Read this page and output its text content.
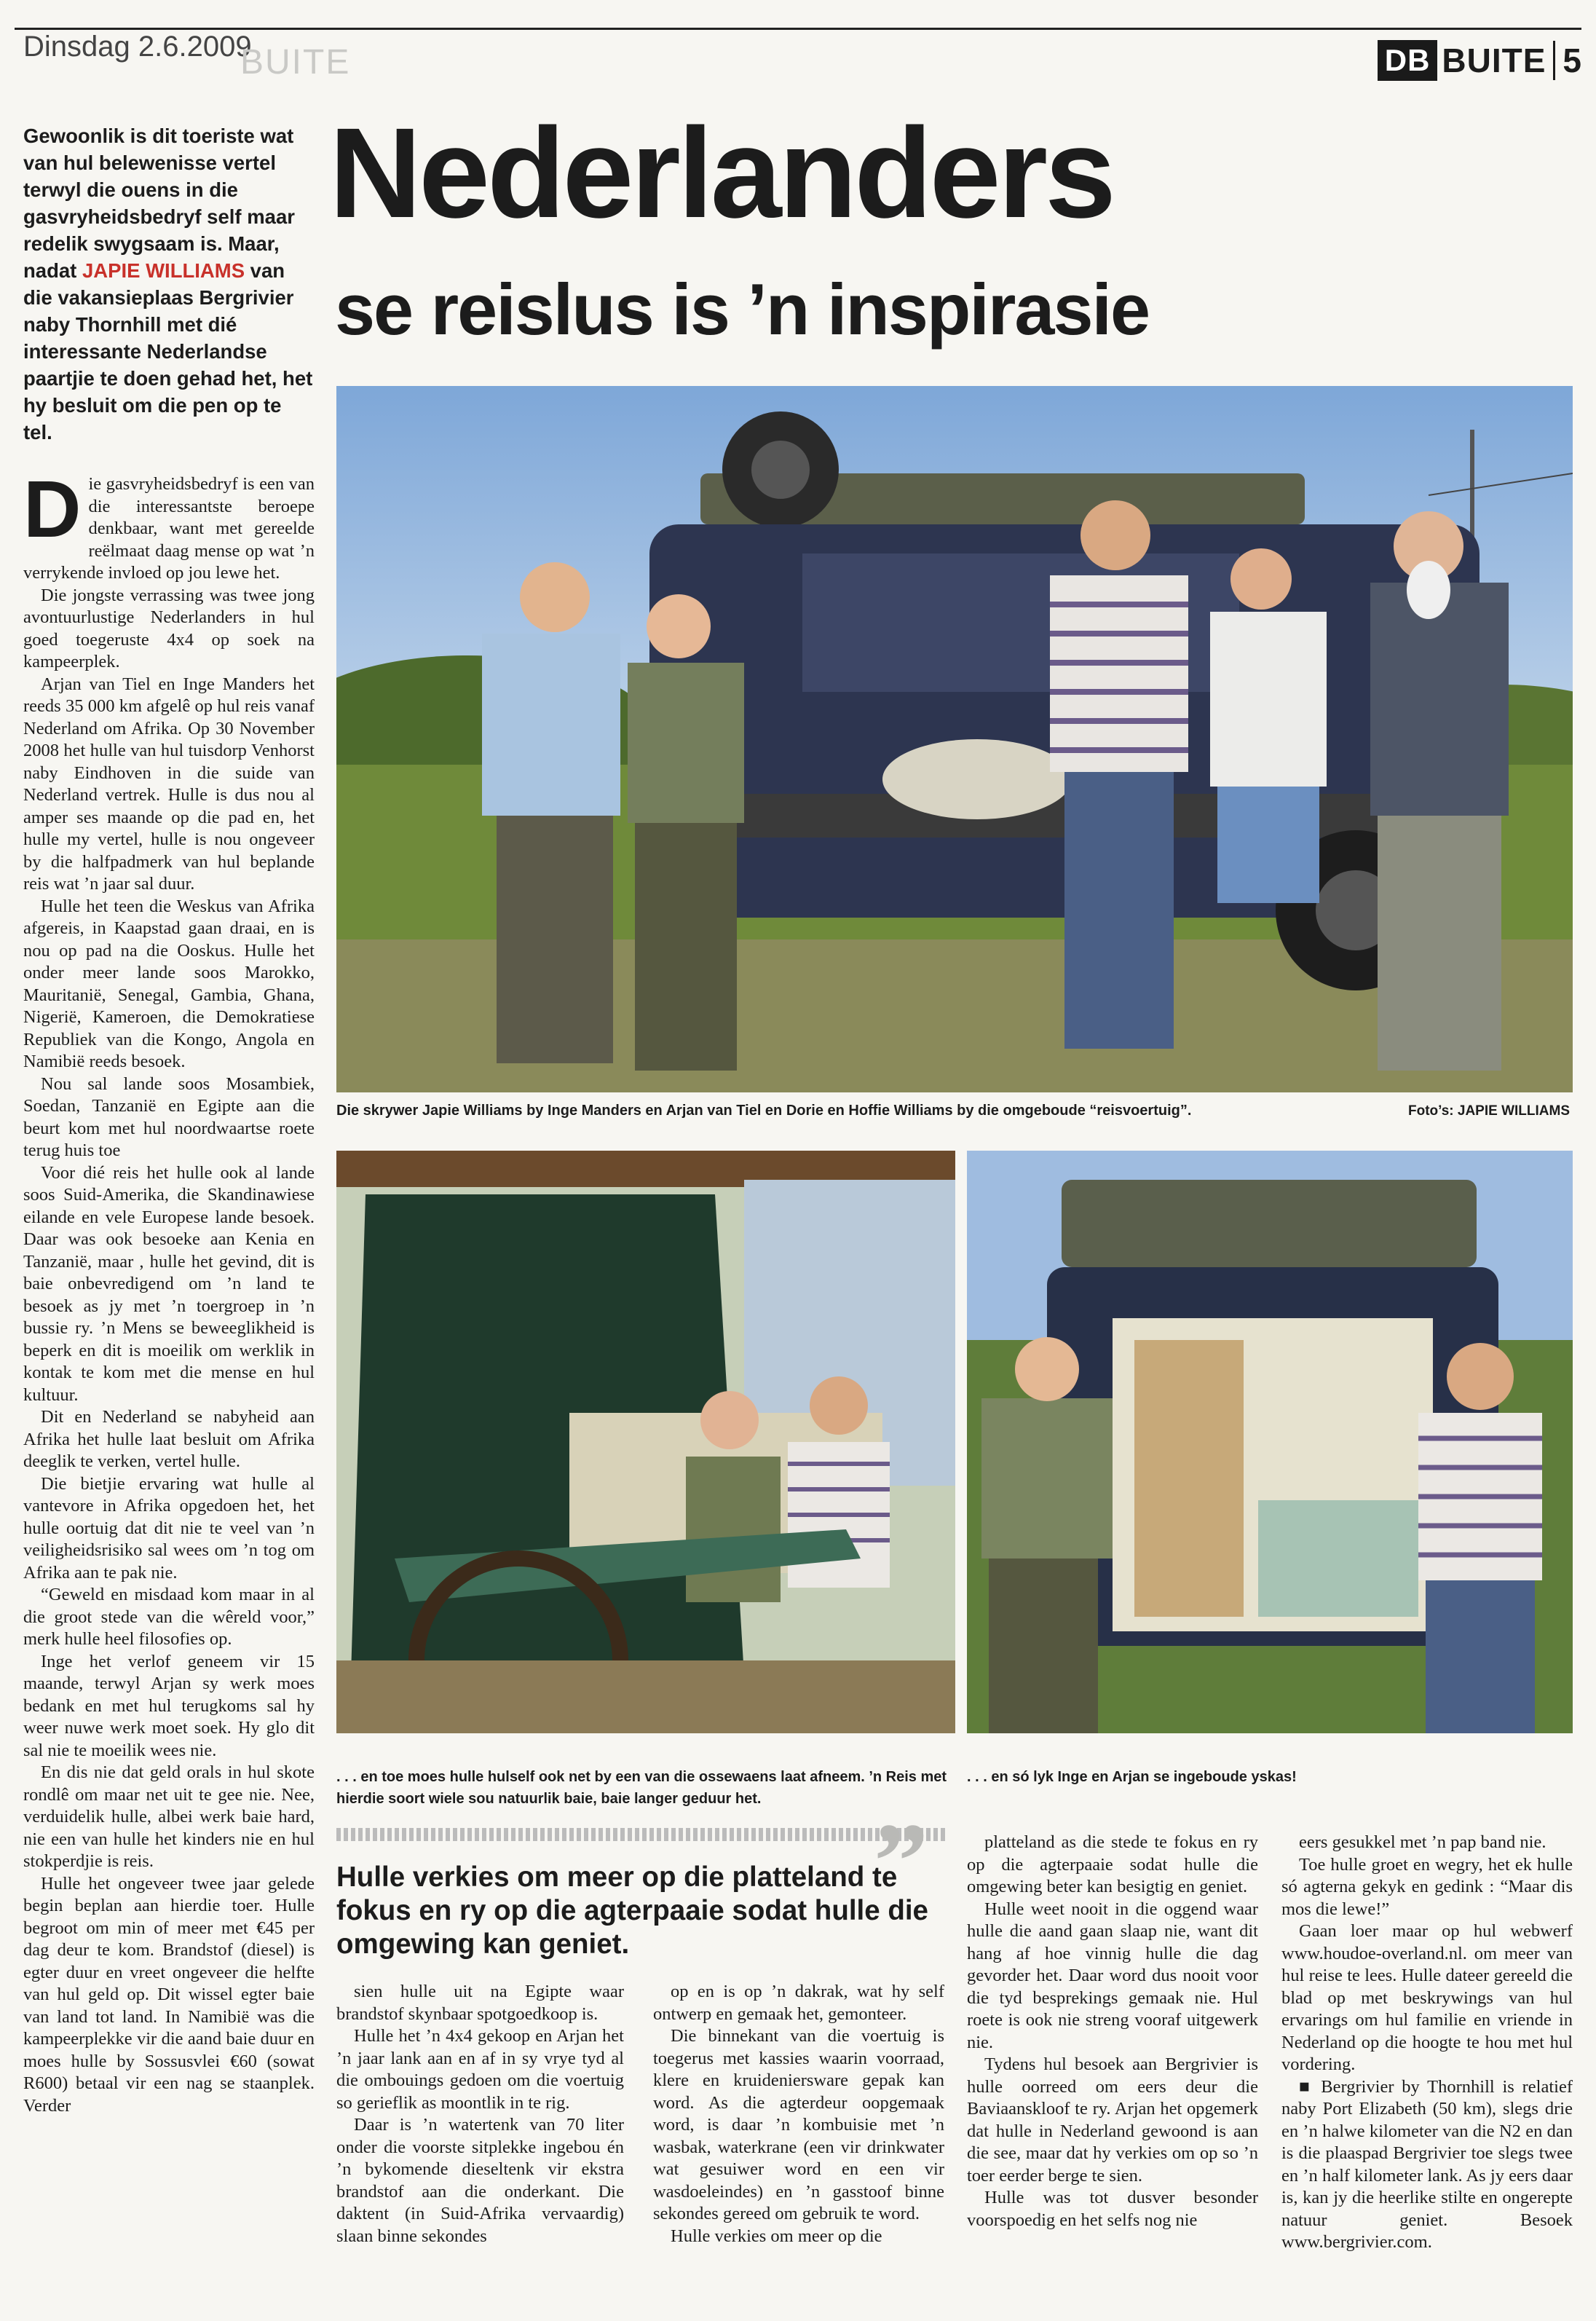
Dinsdag 2.6.2009
BUITE	DB BUITE 5
Gewoonlik is dit toeriste wat van hul belewenisse vertel terwyl die ouens in die gasvryheidsbedryf self maar redelik swygsaam is. Maar, nadat JAPIE WILLIAMS van die vakansieplaas Bergrivier naby Thornhill met dié interessante Nederlandse paartjie te doen gehad het, het hy besluit om die pen op te tel.
Nederlanders
se reislus is ’n inspirasie
D ie gasvryheidsbedryf is een van die interessantste beroepe denkbaar, want met gereelde reëlmaat daag mense op wat ’n verrykende invloed op jou lewe het.

Die jongste verrassing was twee jong avontuurlustige Nederlanders in hul goed toegeruste 4x4 op soek na kampeerplek.

Arjan van Tiel en Inge Manders het reeds 35 000 km afgelê op hul reis vanaf Nederland om Afrika. Op 30 November 2008 het hulle van hul tuisdorp Venhorst naby Eindhoven in die suide van Nederland vertrek. Hulle is dus nou al amper ses maande op die pad en, het hulle my vertel, hulle is nou ongeveer by die halfpadmerk van hul beplande reis wat ’n jaar sal duur.

Hulle het teen die Weskus van Afrika afgereis, in Kaapstad gaan draai, en is nou op pad na die Ooskus. Hulle het onder meer lande soos Marokko, Mauritanië, Senegal, Gambia, Ghana, Nigerië, Kameroen, die Demokratiese Republiek van die Kongo, Angola en Namibië reeds besoek.

Nou sal lande soos Mosambiek, Soedan, Tanzanië en Egipte aan die beurt kom met hul noordwaartse roete terug huis toe

Voor dié reis het hulle ook al lande soos Suid-Amerika, die Skandinawiese eilande en vele Europese lande besoek. Daar was ook besoeke aan Kenia en Tanzanië, maar , hulle het gevind, dit is baie onbevredigend om ’n land te besoek as jy met ’n toergroep in ’n bussie ry. ’n Mens se beweeglikheid is beperk en dit is moeilik om werklik in kontak te kom met die mense en hul kultuur.

Dit en Nederland se nabyheid aan Afrika het hulle laat besluit om Afrika deeglik te verken, vertel hulle.

Die bietjie ervaring wat hulle al vantevore in Afrika opgedoen het, het hulle oortuig dat dit nie te veel van ’n veiligheidsrisiko sal wees om ’n tog om Afrika aan te pak nie.

“Geweld en misdaad kom maar in al die groot stede van die wêreld voor,” merk hulle heel filosofies op.

Inge het verlof geneem vir 15 maande, terwyl Arjan sy werk moes bedank en met hul terugkoms sal hy weer nuwe werk moet soek. Hy glo dit sal nie te moeilik wees nie.

En dis nie dat geld orals in hul skote rondlê om maar net uit te gee nie. Nee, verduidelik hulle, albei werk baie hard, nie een van hulle het kinders nie en hul stokperdjie is reis.

Hulle het ongeveer twee jaar gelede begin beplan aan hierdie toer. Hulle begroot om min of meer met €45 per dag deur te kom. Brandstof (diesel) is egter duur en vreet ongeveer die helfte van hul geld op. Dit wissel egter baie van land tot land. In Namibië was die kampeerplekke vir die aand baie duur en moes hulle by Sossusvlei €60 (sowat R600) betaal vir een nag se staanplek. Verder

Die skrywer Japie Williams by Inge Manders en Arjan van Tiel en Dorie en Hoffie Williams by die omgeboude “reisvoertuig”.	Foto’s: JAPIE WILLIAMS
. . . en toe moes hulle hulself ook net by een van die ossewaens laat afneem. ’n Reis met hierdie soort wiele sou natuurlik baie, baie langer geduur het.
. . . en só lyk Inge en Arjan se ingeboude yskas!
”
Hulle verkies om meer op die platteland te fokus en ry op die agterpaaie sodat hulle die omgewing kan geniet.

sien hulle uit na Egipte waar brandstof skynbaar spotgoedkoop is.

Hulle het ’n 4x4 gekoop en Arjan het ’n jaar lank aan en af in sy vrye tyd al die ombouings gedoen om die voertuig so gerieflik as moontlik in te rig.

Daar is ’n watertenk van 70 liter onder die voorste sitplekke ingebou én ’n bykomende dieseltenk vir ekstra brandstof aan die onderkant. Die daktent (in Suid-Afrika vervaardig) slaan binne sekondes

op en is op ’n dakrak, wat hy self ontwerp en gemaak het, gemonteer.

Die binnekant van die voertuig is toegerus met kassies waarin voorraad, klere en kruideniersware gepak kan word. As die agterdeur oopgemaak word, is daar ’n kombuisie met ’n wasbak, waterkrane (een vir drinkwater wat gesuiwer word en een vir wasdoeleindes) en ’n gasstoof binne sekondes gereed om gebruik te word.

Hulle verkies om meer op die

platteland as die stede te fokus en ry op die agterpaaie sodat hulle die omgewing beter kan besigtig en geniet.

Hulle weet nooit in die oggend waar hulle die aand gaan slaap nie, want dit hang af hoe vinnig hulle die dag gevorder het. Daar word dus nooit voor die tyd besprekings gemaak nie. Hul roete is ook nie streng vooraf uitgewerk nie.

Tydens hul besoek aan Bergrivier is hulle oorreed om eers deur die Baviaanskloof te ry. Arjan het opgemerk dat hulle in Nederland gewoond is aan die see, maar dat hy verkies om op so ’n toer eerder berge te sien.

Hulle was tot dusver besonder voorspoedig en het selfs nog nie

eers gesukkel met ’n pap band nie.

Toe hulle groet en wegry, het ek hulle só agterna gekyk en gedink : “Maar dis mos die lewe!”

Gaan loer maar op hul webwerf www.houdoe-overland.nl. om meer van hul reise te lees. Hulle dateer gereeld die blad op met beskrywings van hul ervarings om hul familie en vriende in Nederland op die hoogte te hou met hul vordering.

■ Bergrivier by Thornhill is relatief naby Port Elizabeth (50 km), slegs drie en ’n halwe kilometer van die N2 en dan is die plaaspad Bergrivier toe slegs twee en ’n half kilometer lank. As jy eers daar is, kan jy die heerlike stilte en ongerepte natuur geniet. Besoek www.bergrivier.com.
